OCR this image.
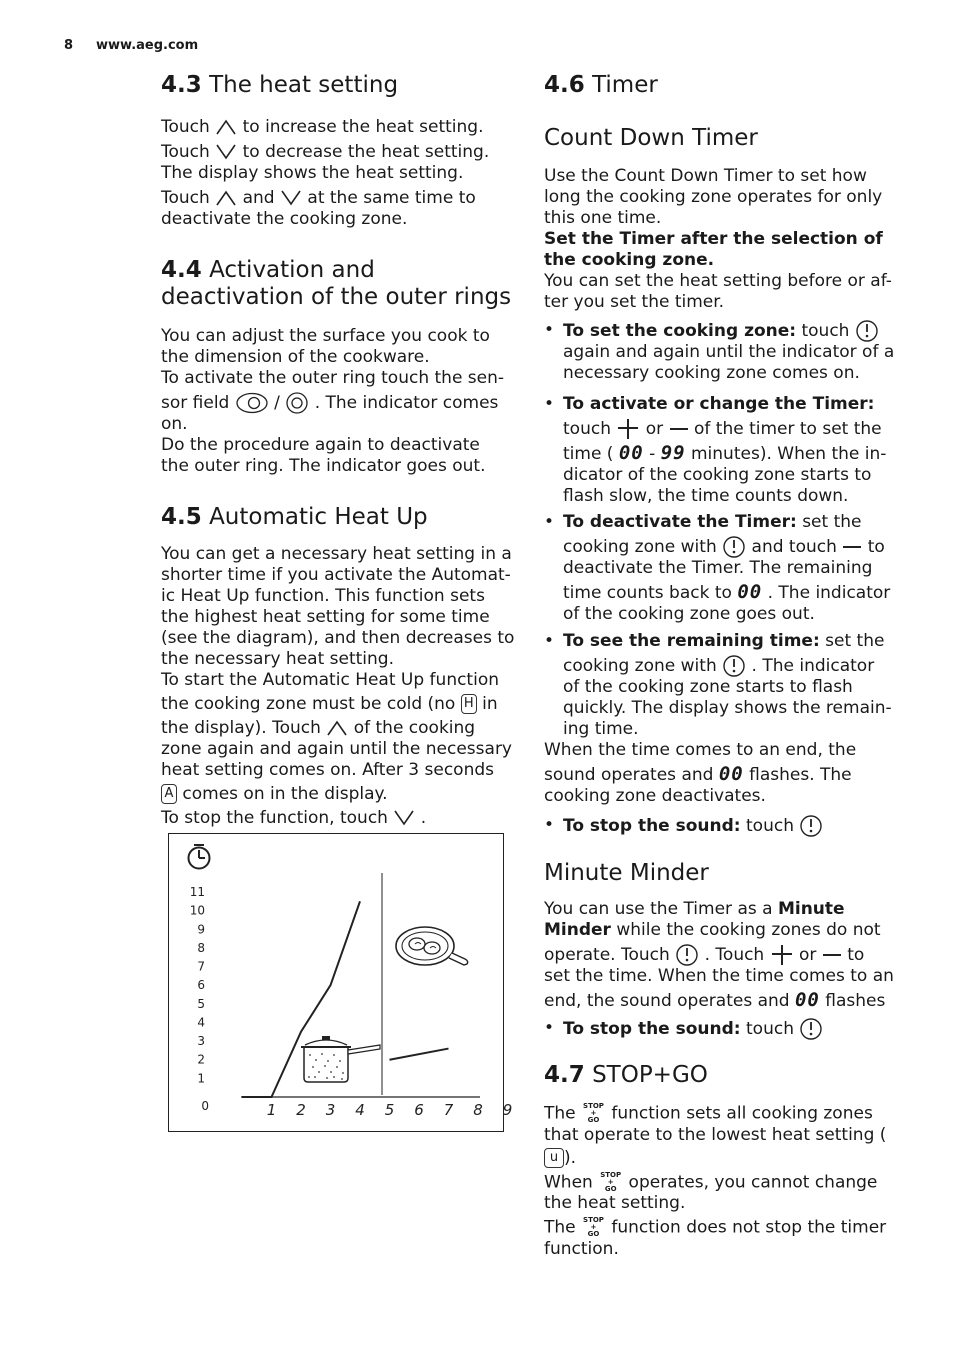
8 www.aeg.com
4.3 The heat setting

Touch to increase the heat setting.

Touch to decrease the heat setting.

The display shows the heat setting.

Touch and at the same time to

deactivate the cooking zone.

4.4 Activation and
deactivation of the outer rings

You can adjust the surface you cook to

the dimension of the cookware.

To activate the outer ring touch the sen-

sor field	/ . The indicator comes

on.

Do the procedure again to deactivate

the outer ring. The indicator goes out.

4.5 Automatic Heat Up

You can get a necessary heat setting in a

shorter time if you activate the Automat-

ic Heat Up function. This function sets

the highest heat setting for some time

(see the diagram), and then decreases to

the necessary heat setting.

To start the Automatic Heat Up function

the cooking zone must be cold (no H in

the display). Touch of the cooking

zone again and again until the necessary

heat setting comes on. After 3 seconds

A comes on in the display.

To stop the function, touch .

11
10
9
8
7
6
5
4
3
2
1
0	1 2 3 4 5 6 7 8 9
4.6 Timer
Count Down Timer

Use the Count Down Timer to set how

long the cooking zone operates for only

this one time.

Set the Timer after the selection of

the cooking zone.

You can set the heat setting before or af-

ter you set the timer.

• To set the cooking zone: touch

again and again until the indicator of a

necessary cooking zone comes on.

• To activate or change the Timer:

touch or of the timer to set the

time ( 00 - 99 minutes). When the in-

dicator of the cooking zone starts to

flash slow, the time counts down.

• To deactivate the Timer: set the

cooking zone with and touch to

deactivate the Timer. The remaining

time counts back to 00 . The indicator

of the cooking zone goes out.

• To see the remaining time: set the

cooking zone with . The indicator

of the cooking zone starts to flash

quickly. The display shows the remain-

ing time.

When the time comes to an end, the

sound operates and 00 flashes. The

cooking zone deactivates.

• To stop the sound: touch

Minute Minder

You can use the Timer as a Minute

Minder while the cooking zones do not

operate. Touch . Touch or to

set the time. When the time comes to an

end, the sound operates and 00 flashes

• To stop the sound: touch

4.7 STOP+GO

The STOP
+
GO function sets all cooking zones

that operate to the lowest heat setting (

u ).

When STOP
+
GO operates, you cannot change

the heat setting.

The STOP
+
GO function does not stop the timer

function.
